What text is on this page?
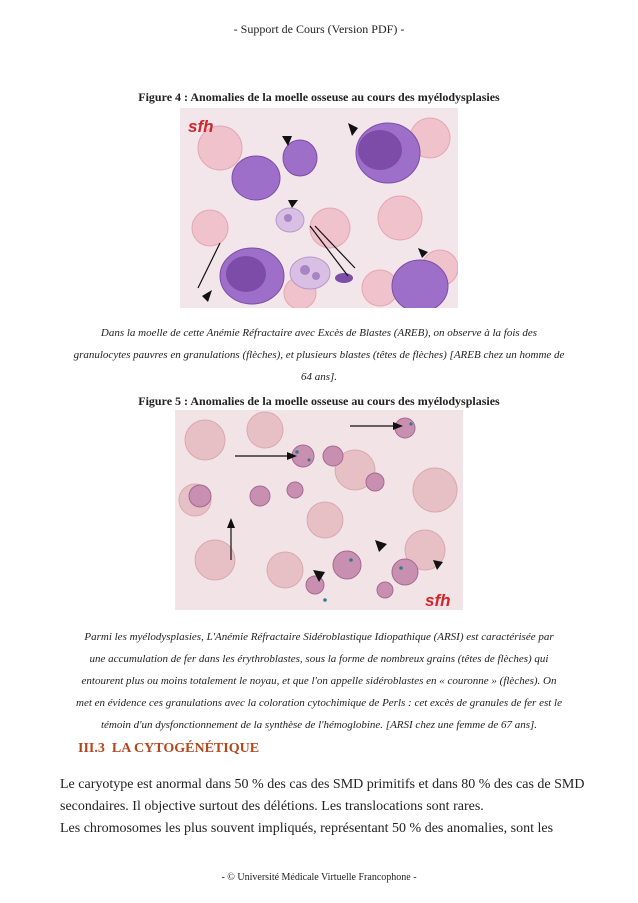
- Support de Cours (Version PDF) -
Figure 4 : Anomalies de la moelle osseuse au cours des myélodysplasies
sfh
Dans la moelle de cette Anémie Réfractaire avec Excès de Blastes (AREB), on observe à la fois des
granulocytes pauvres en granulations (flèches), et plusieurs blastes (têtes de flèches) [AREB chez un homme de
64 ans].
Figure 5 : Anomalies de la moelle osseuse au cours des myélodysplasies
sfh
Parmi les myélodysplasies, L'Anémie Réfractaire Sidéroblastique Idiopathique (ARSI) est caractérisée par
une accumulation de fer dans les érythroblastes, sous la forme de nombreux grains (têtes de flèches) qui
entourent plus ou moins totalement le noyau, et que l'on appelle sidéroblastes en « couronne » (flèches). On
met en évidence ces granulations avec la coloration cytochimique de Perls : cet excès de granules de fer est le
témoin d'un dysfonctionnement de la synthèse de l'hémoglobine. [ARSI chez une femme de 67 ans].
III.3 LA CYTOGÉNÉTIQUE
Le caryotype est anormal dans 50 % des cas des SMD primitifs et dans 80 % des cas de SMD
secondaires. Il objective surtout des délétions. Les translocations sont rares.
Les chromosomes les plus souvent impliqués, représentant 50 % des anomalies, sont les
- © Université Médicale Virtuelle Francophone -
